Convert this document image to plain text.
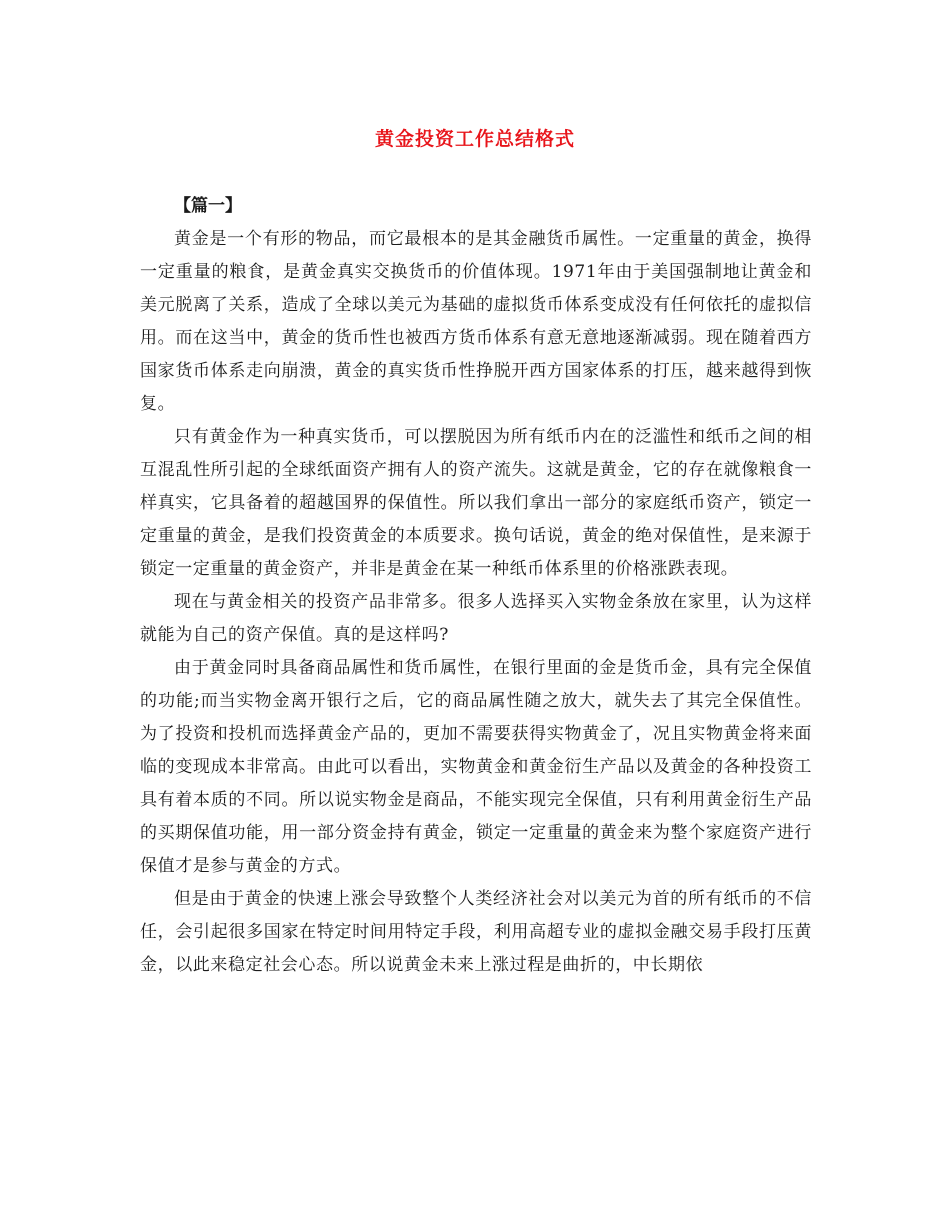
黄金投资工作总结格式

【篇一】

黄金是一个有形的物品，而它最根本的是其金融货币属性。一定重量的黄金，换得一定重量的粮食，是黄金真实交换货币的价值体现。1971年由于美国强制地让黄金和美元脱离了关系，造成了全球以美元为基础的虚拟货币体系变成没有任何依托的虚拟信用。而在这当中，黄金的货币性也被西方货币体系有意无意地逐渐减弱。现在随着西方国家货币体系走向崩溃，黄金的真实货币性挣脱开西方国家体系的打压，越来越得到恢复。

只有黄金作为一种真实货币，可以摆脱因为所有纸币内在的泛滥性和纸币之间的相互混乱性所引起的全球纸面资产拥有人的资产流失。这就是黄金，它的存在就像粮食一样真实，它具备着的超越国界的保值性。所以我们拿出一部分的家庭纸币资产，锁定一定重量的黄金，是我们投资黄金的本质要求。换句话说，黄金的绝对保值性，是来源于锁定一定重量的黄金资产，并非是黄金在某一种纸币体系里的价格涨跌表现。

现在与黄金相关的投资产品非常多。很多人选择买入实物金条放在家里，认为这样就能为自己的资产保值。真的是这样吗?

由于黄金同时具备商品属性和货币属性，在银行里面的金是货币金，具有完全保值的功能;而当实物金离开银行之后，它的商品属性随之放大，就失去了其完全保值性。为了投资和投机而选择黄金产品的，更加不需要获得实物黄金了，况且实物黄金将来面临的变现成本非常高。由此可以看出，实物黄金和黄金衍生产品以及黄金的各种投资工具有着本质的不同。所以说实物金是商品，不能实现完全保值，只有利用黄金衍生产品的买期保值功能，用一部分资金持有黄金，锁定一定重量的黄金来为整个家庭资产进行保值才是参与黄金的方式。

但是由于黄金的快速上涨会导致整个人类经济社会对以美元为首的所有纸币的不信任，会引起很多国家在特定时间用特定手段，利用高超专业的虚拟金融交易手段打压黄金，以此来稳定社会心态。所以说黄金未来上涨过程是曲折的，中长期依
